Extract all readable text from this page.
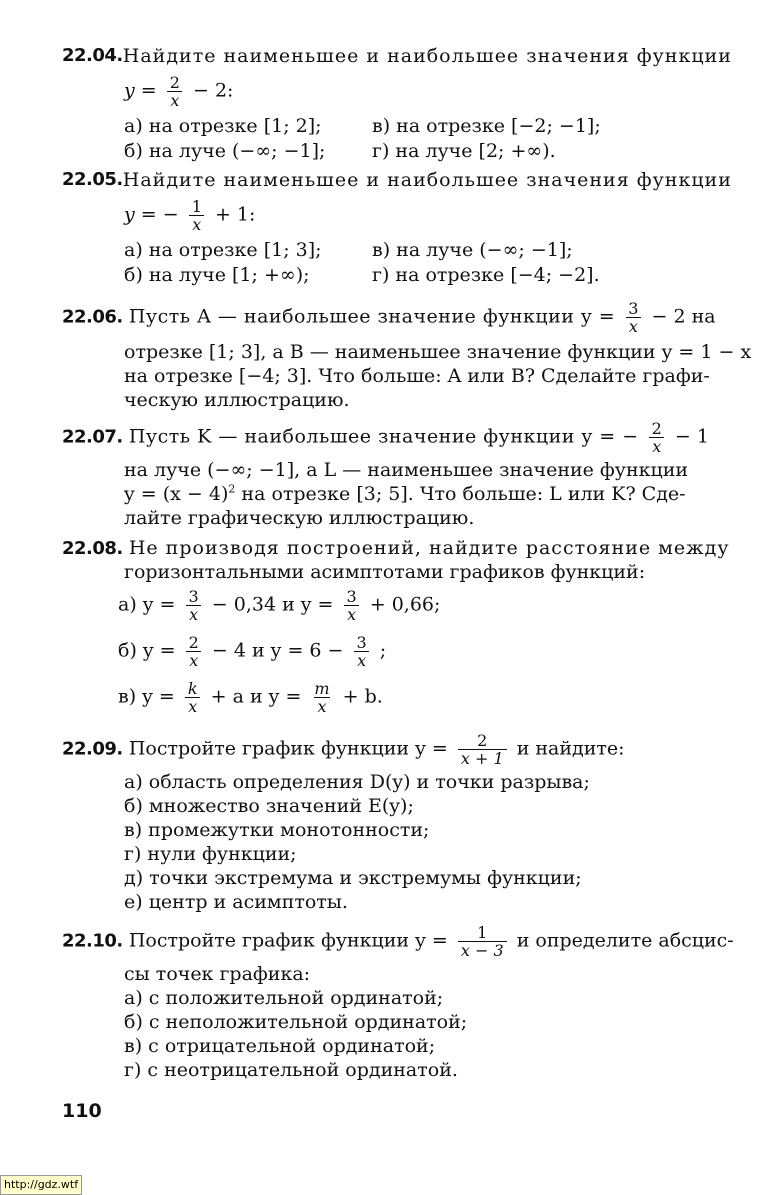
22.04. Найдите наименьшее и наибольшее значения функции
$y = \frac{2}{x} - 2$:
а) на отрезке [1; 2];	в) на отрезке [−2; −1];
б) на луче (−∞; −1]; г) на луче [2; +∞).
22.05. Найдите наименьшее и наибольшее значения функции
y = − $\frac{1}{x} + 1$:
а) на отрезке [1; 3];	в) на луче (−∞; −1];
б) на луче [1; +∞);	г) на отрезке [−4; −2].
22.06. Пусть A — наибольшее значение функции $y = \frac{3}{x} - 2$ на
отрезке [1; 3], а B — наименьшее значение функции y = 1 − x
на отрезке [−4; 3]. Что больше: A или B? Сделайте графи-
ческую иллюстрацию.
22.07. Пусть K — наибольшее значение функции y = − $\frac{2}{x} - 1$
на луче (−∞; −1], а L — наименьшее значение функции
$y = (x - 4)^2$ на отрезке [3; 5]. Что больше: L или K? Сде-
лайте графическую иллюстрацию.
22.08. Не производя построений, найдите расстояние между
горизонтальными асимптотами графиков функций:
а) $y = \frac{3}{x} - 0,34$ и $y = \frac{3}{x} + 0,66$;
б) $y = \frac{2}{x} - 4$ и $y = 6 - \frac{3}{x}$ ;
в) $y = \frac{k}{x} + a$ и $y = \frac{m}{x} + b$.
22.09. Постройте график функции $y = \frac{2}{x + 1}$ и найдите:
а) область определения D(y) и точки разрыва;
б) множество значений E(y);
в) промежутки монотонности;
г) нули функции;
д) точки экстремума и экстремумы функции;
е) центр и асимптоты.
22.10. Постройте график функции $y = \frac{1}{x - 3}$ и определите абсцис-
сы точек графика:
а) с положительной ординатой;
б) с неположительной ординатой;
в) с отрицательной ординатой;
г) с неотрицательной ординатой.
110
http://gdz.wtf
